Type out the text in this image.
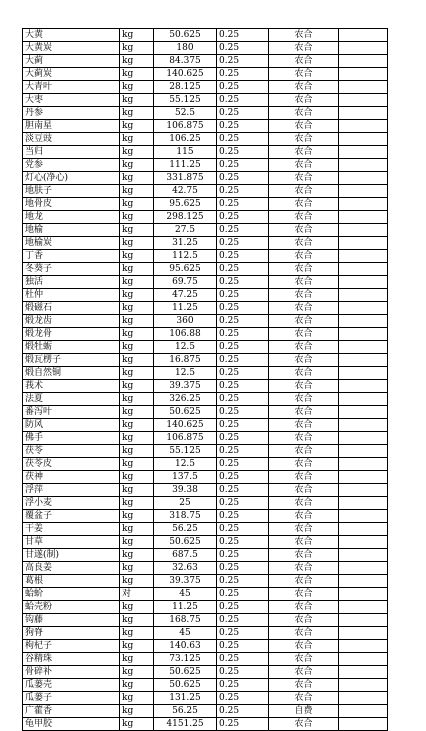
大黄	kg	50.625	0.25	农合	
大黄炭	kg	180	0.25	农合	
大蓟	kg	84.375	0.25	农合	
大蓟炭	kg	140.625	0.25	农合	
大青叶	kg	28.125	0.25	农合	
大枣	kg	55.125	0.25	农合	
丹参	kg	52.5	0.25	农合	
胆南星	kg	106.875	0.25	农合	
淡豆豉	kg	106.25	0.25	农合	
当归	kg	115	0.25	农合	
党参	kg	111.25	0.25	农合	
灯心(净心)	kg	331.875	0.25	农合	
地肤子	kg	42.75	0.25	农合	
地骨皮	kg	95.625	0.25	农合	
地龙	kg	298.125	0.25	农合	
地榆	kg	27.5	0.25	农合	
地榆炭	kg	31.25	0.25	农合	
丁香	kg	112.5	0.25	农合	
冬葵子	kg	95.625	0.25	农合	
独活	kg	69.75	0.25	农合	
杜仲	kg	47.25	0.25	农合	
煅磁石	kg	11.25	0.25	农合	
煅龙齿	kg	360	0.25	农合	
煅龙骨	kg	106.88	0.25	农合	
煅牡蛎	kg	12.5	0.25	农合	
煅瓦楞子	kg	16.875	0.25	农合	
煅自然铜	kg	12.5	0.25	农合	
莪术	kg	39.375	0.25	农合	
法夏	kg	326.25	0.25	农合	
番泻叶	kg	50.625	0.25	农合	
防风	kg	140.625	0.25	农合	
佛手	kg	106.875	0.25	农合	
茯苓	kg	55.125	0.25	农合	
茯苓皮	kg	12.5	0.25	农合	
茯神	kg	137.5	0.25	农合	
浮萍	kg	39.38	0.25	农合	
浮小麦	kg	25	0.25	农合	
覆盆子	kg	318.75	0.25	农合	
干姜	kg	56.25	0.25	农合	
甘草	kg	50.625	0.25	农合	
甘遂(制)	kg	687.5	0.25	农合	
高良姜	kg	32.63	0.25	农合	
葛根	kg	39.375	0.25	农合	
蛤蚧	对	45	0.25	农合	
蛤壳粉	kg	11.25	0.25	农合	
钩藤	kg	168.75	0.25	农合	
狗脊	kg	45	0.25	农合	
枸杞子	kg	140.63	0.25	农合	
谷精珠	kg	73.125	0.25	农合	
骨碎补	kg	50.625	0.25	农合	
瓜蒌壳	kg	50.625	0.25	农合	
瓜蒌子	kg	131.25	0.25	农合	
广藿香	kg	56.25	0.25	自费	
龟甲胶	kg	4151.25	0.25	农合	
